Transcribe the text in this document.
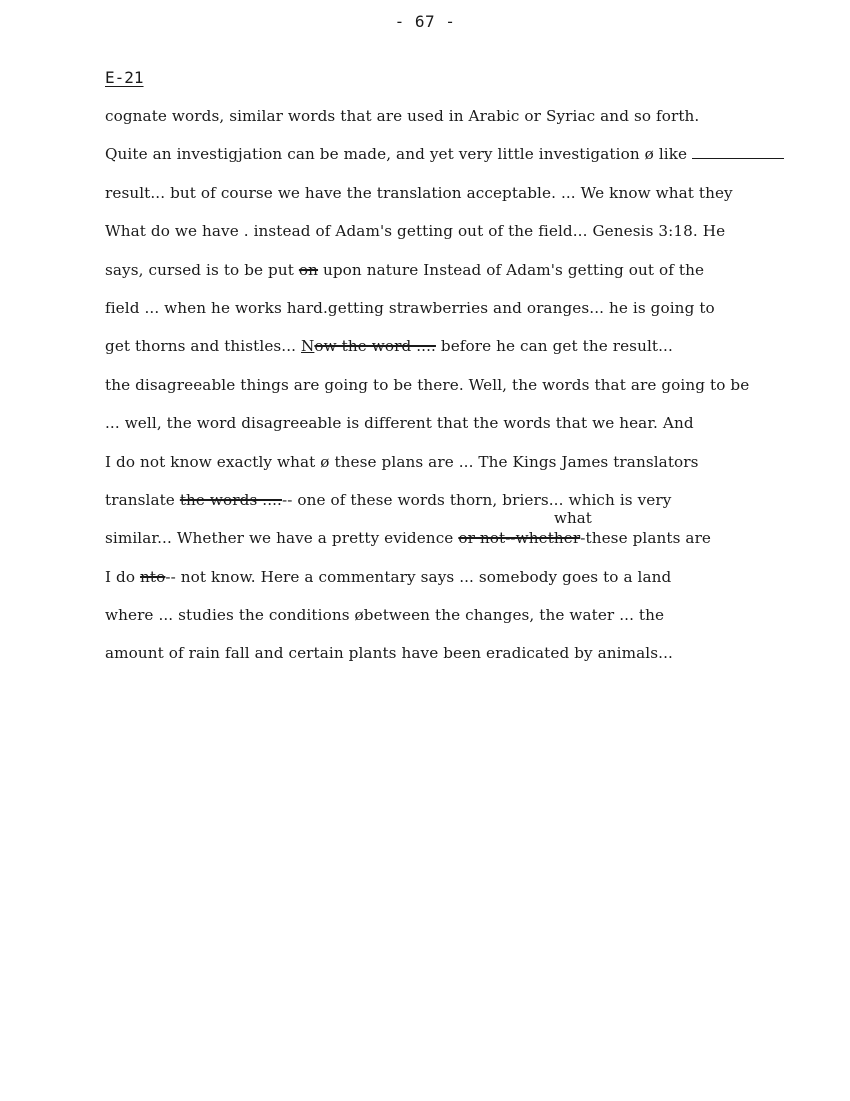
- 67 -
E-21
cognate words, similar words that are used in Arabic or Syriac and so forth.
Quite an investigjation can be made, and yet very little investigation ø like
result... but of course we have the translation acceptable. ... We know what they
What do we have . instead of Adam's getting out of the field... Genesis 3:18. He
says, cursed is to be put on upon nature Instead of Adam's getting out of the
field ... when he works hard.getting strawberries and oranges... he is going to
get thorns and thistles... Now the word .... before he can get the result...
the disagreeable things are going to be there. Well, the words that are going to be
... well, the word disagreeable is different that the words that we hear. And
I do not know exactly what ø these plans are ... The Kings James translators
translate the words ....-- one of these words thorn, briers... which is very
what
similar... Whether we have a pretty evidence or not--whether-these plants are
I do nto-- not know. Here a commentary says ... somebody goes to a land
where ... studies the conditions øbetween the changes, the water ... the
amount of rain fall and certain plants have been eradicated by animals...
